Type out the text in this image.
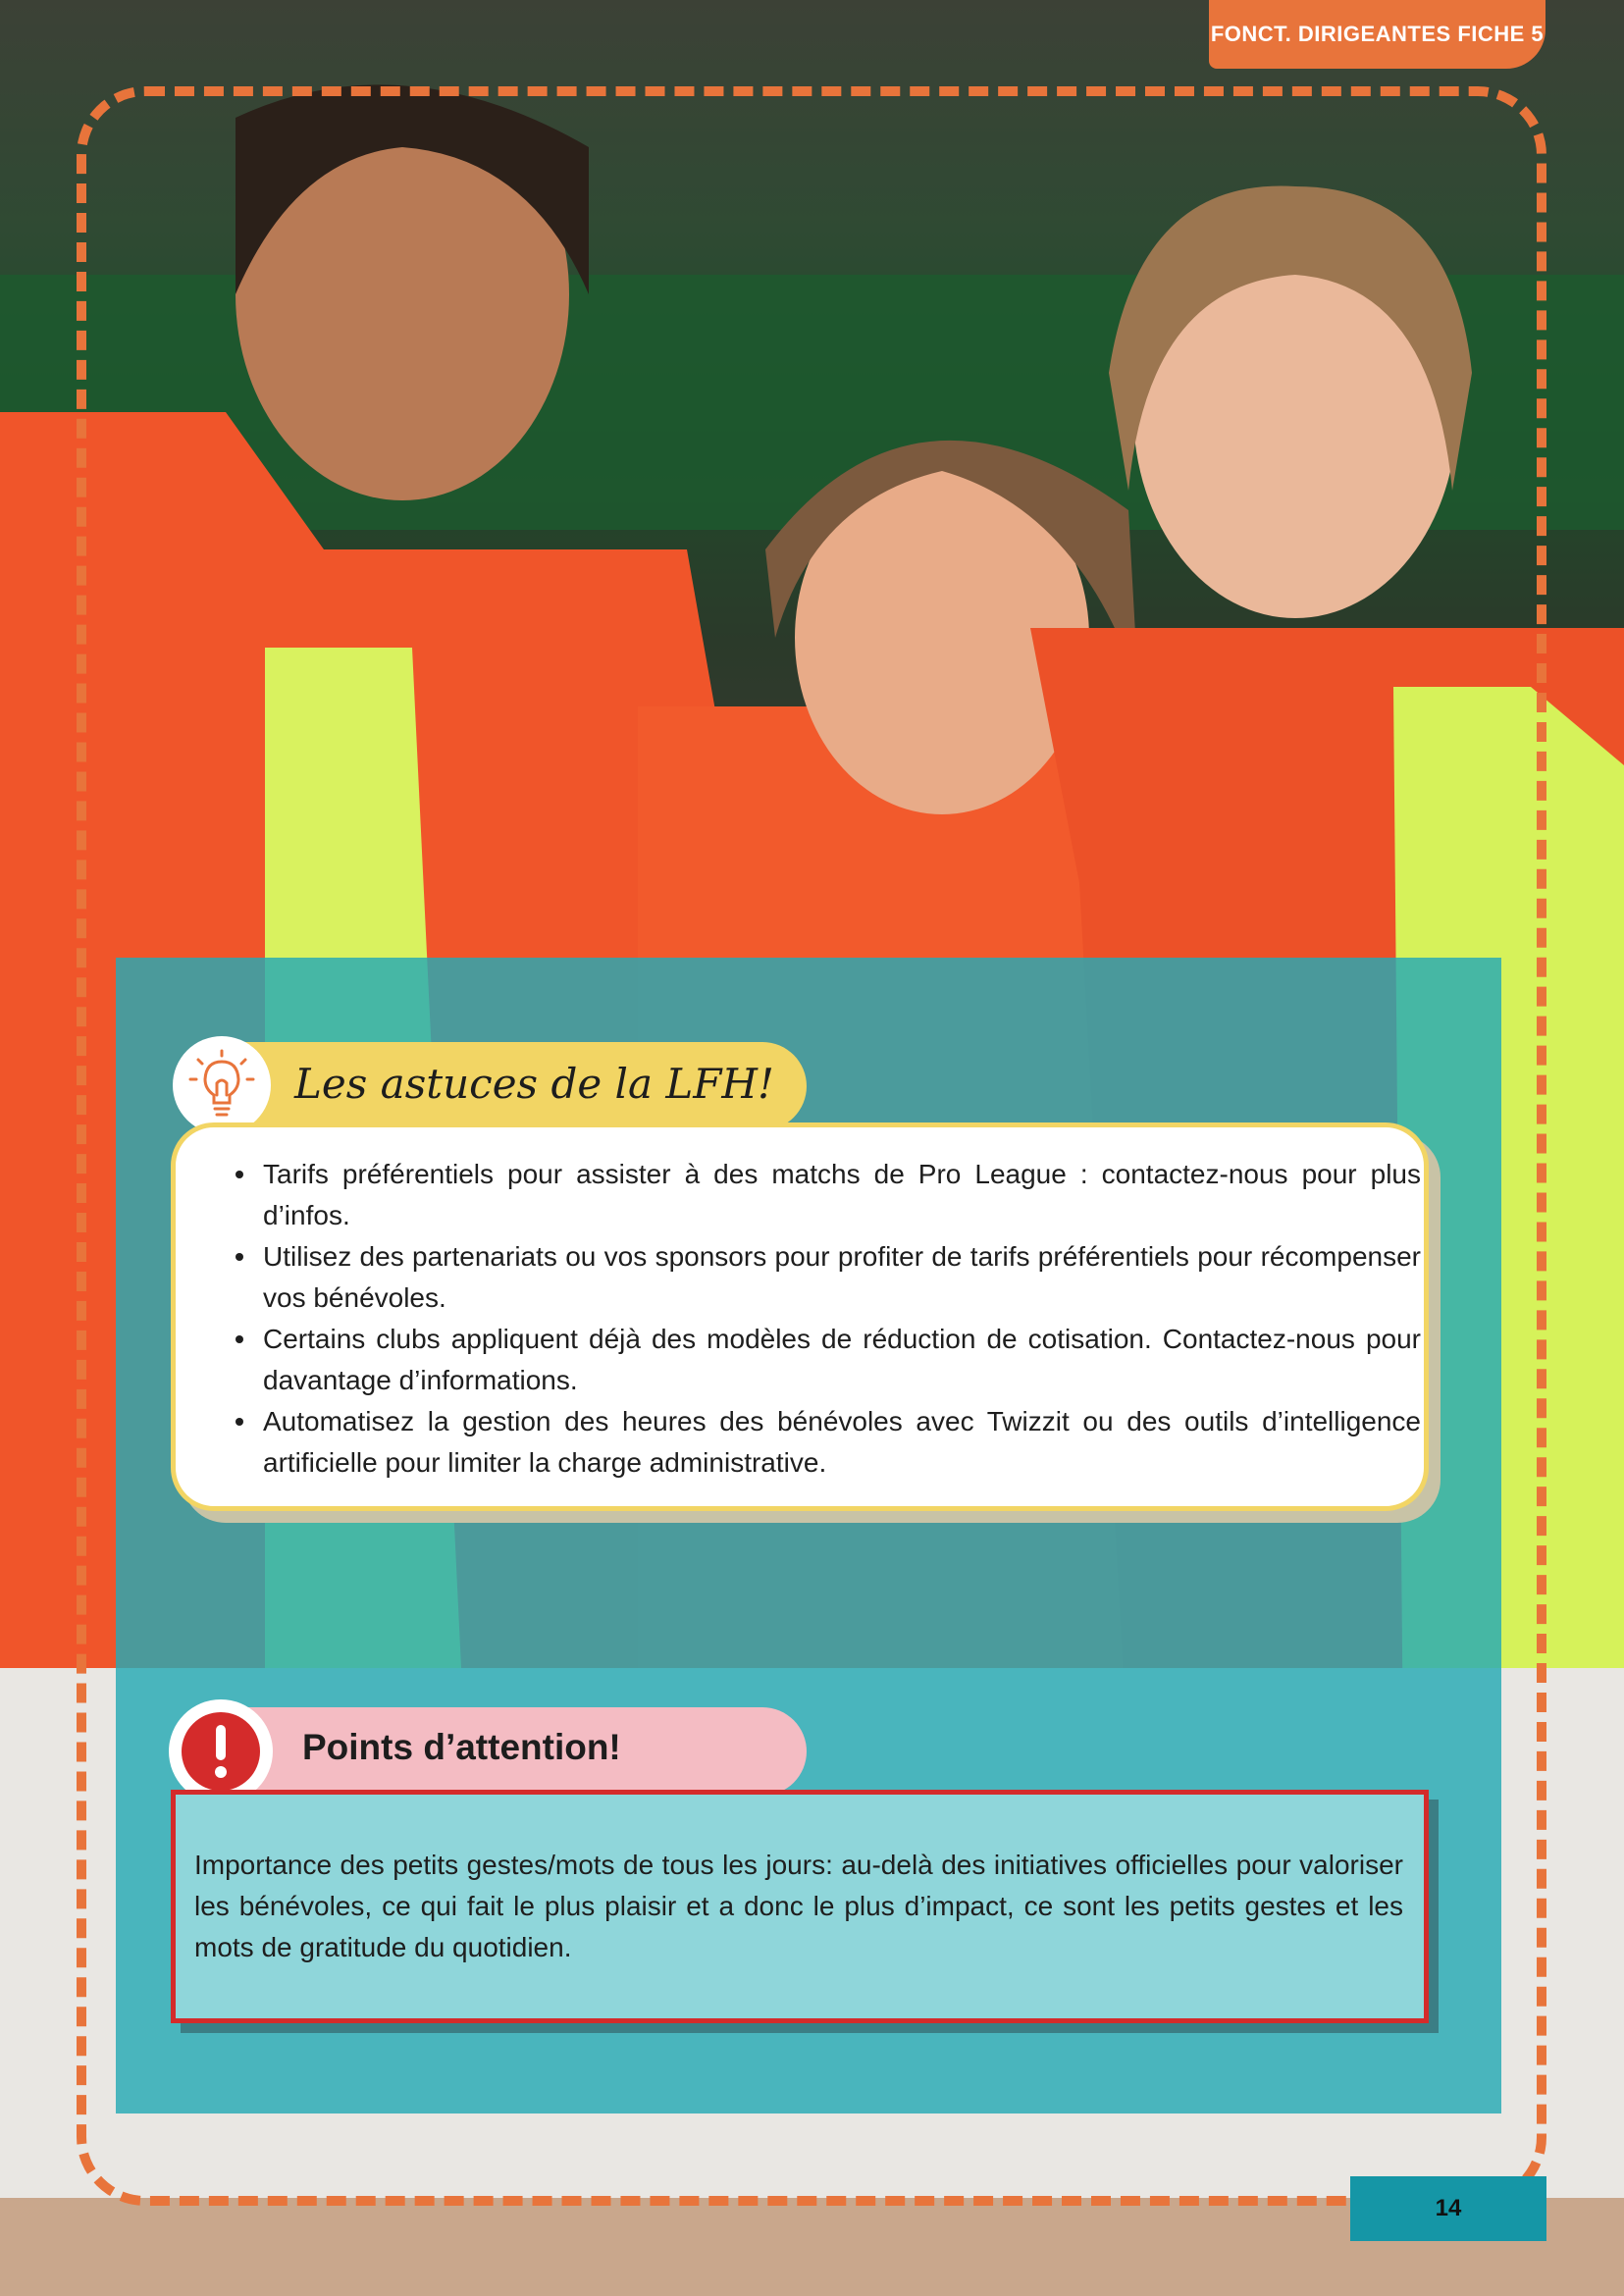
FONCT. DIRIGEANTES FICHE 5
Les astuces de la LFH!
Tarifs préférentiels pour assister à des matchs de Pro League : contactez-nous pour plus d’infos.
Utilisez des partenariats ou vos sponsors pour profiter de tarifs préférentiels pour récompenser vos bénévoles.
Certains clubs appliquent déjà des modèles de réduction de cotisation. Contactez-nous pour davantage d’informations.
Automatisez la gestion des heures des bénévoles avec Twizzit ou des outils d’intelligence artificielle pour limiter la charge administrative.
Points d’attention!

Importance des petits gestes/mots de tous les jours: au-delà des initiatives officielles pour valoriser les bénévoles, ce qui fait le plus plaisir et a donc le plus d’impact, ce sont les petits gestes et les mots de gratitude du quotidien.

14
